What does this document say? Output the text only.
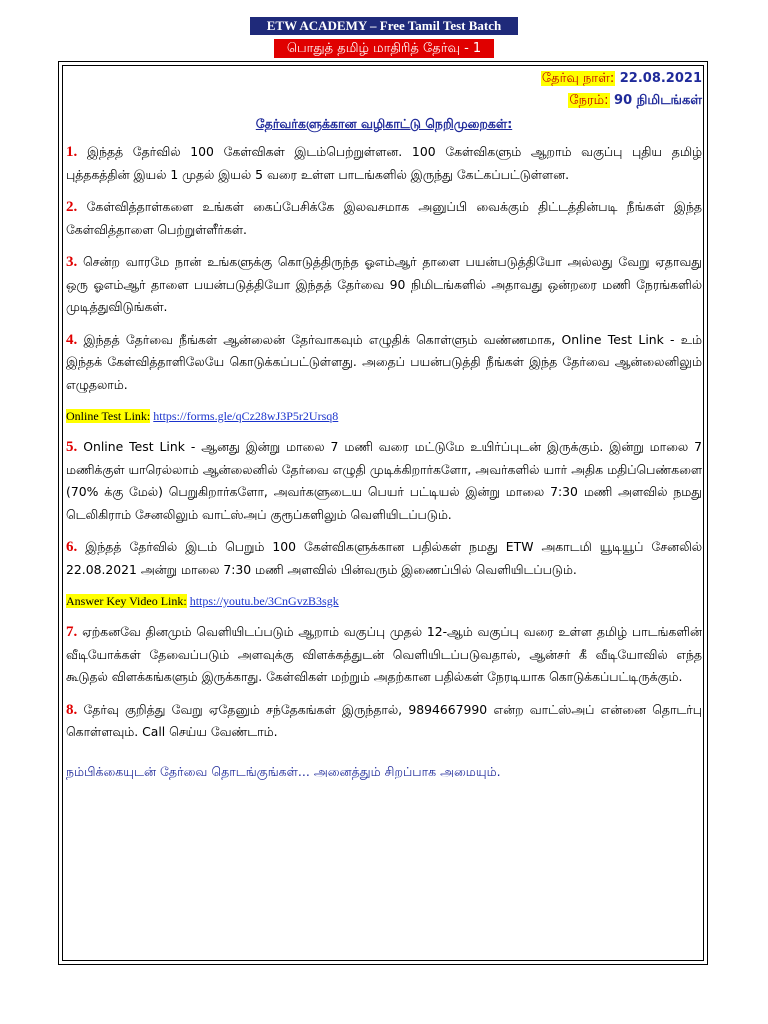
ETW ACADEMY – Free Tamil Test Batch
பொதுத் தமிழ் மாதிரித் தேர்வு - 1
தேர்வு நாள்: 22.08.2021
நேரம்: 90 நிமிடங்கள்
தேர்வர்களுக்கான வழிகாட்டு நெறிமுறைகள்:

1. இந்தத் தேர்வில் 100 கேள்விகள் இடம்பெற்றுள்ளன. 100 கேள்விகளும் ஆறாம் வகுப்பு புதிய தமிழ் புத்தகத்தின் இயல் 1 முதல் இயல் 5 வரை உள்ள பாடங்களில் இருந்து கேட்கப்பட்டுள்ளன.

2. கேள்வித்தாள்களை உங்கள் கைப்பேசிக்கே இலவசமாக அனுப்பி வைக்கும் திட்டத்தின்படி நீங்கள் இந்த கேள்வித்தாளை பெற்றுள்ளீர்கள்.

3. சென்ற வாரமே நான் உங்களுக்கு கொடுத்திருந்த ஓஎம்ஆர் தாளை பயன்படுத்தியோ அல்லது வேறு ஏதாவது ஒரு ஓஎம்ஆர் தாளை பயன்படுத்தியோ இந்தத் தேர்வை 90 நிமிடங்களில் அதாவது ஒன்றரை மணி நேரங்களில் முடித்துவிடுங்கள்.

4. இந்தத் தேர்வை நீங்கள் ஆன்லைன் தேர்வாகவும் எழுதிக் கொள்ளும் வண்ணமாக, Online Test Link - உம் இந்தக் கேள்வித்தாளிலேயே கொடுக்கப்பட்டுள்ளது. அதைப் பயன்படுத்தி நீங்கள் இந்த தேர்வை ஆன்லைனிலும் எழுதலாம்.

Online Test Link: https://forms.gle/qCz28wJ3P5r2Ursq8

5. Online Test Link - ஆனது இன்று மாலை 7 மணி வரை மட்டுமே உயிர்ப்புடன் இருக்கும். இன்று மாலை 7 மணிக்குள் யாரெல்லாம் ஆன்லைனில் தேர்வை எழுதி முடிக்கிறார்களோ, அவர்களில் யார் அதிக மதிப்பெண்களை (70% க்கு மேல்) பெறுகிறார்களோ, அவர்களுடைய பெயர் பட்டியல் இன்று மாலை 7:30 மணி அளவில் நமது டெலிகிராம் சேனலிலும் வாட்ஸ்அப் குரூப்களிலும் வெளியிடப்படும்.

6. இந்தத் தேர்வில் இடம் பெறும் 100 கேள்விகளுக்கான பதில்கள் நமது ETW அகாடமி யூடியூப் சேனலில் 22.08.2021 அன்று மாலை 7:30 மணி அளவில் பின்வரும் இணைப்பில் வெளியிடப்படும்.

Answer Key Video Link: https://youtu.be/3CnGvzB3sgk

7. ஏற்கனவே தினமும் வெளியிடப்படும் ஆறாம் வகுப்பு முதல் 12-ஆம் வகுப்பு வரை உள்ள தமிழ் பாடங்களின் வீடியோக்கள் தேவைப்படும் அளவுக்கு விளக்கத்துடன் வெளியிடப்படுவதால், ஆன்சர் கீ வீடியோவில் எந்த கூடுதல் விளக்கங்களும் இருக்காது. கேள்விகள் மற்றும் அதற்கான பதில்கள் நேரடியாக கொடுக்கப்பட்டிருக்கும்.

8. தேர்வு குறித்து வேறு ஏதேனும் சந்தேகங்கள் இருந்தால், 9894667990 என்ற வாட்ஸ்அப் என்னை தொடர்பு கொள்ளவும். Call செய்ய வேண்டாம்.

நம்பிக்கையுடன் தேர்வை தொடங்குங்கள்... அனைத்தும் சிறப்பாக அமையும்.
